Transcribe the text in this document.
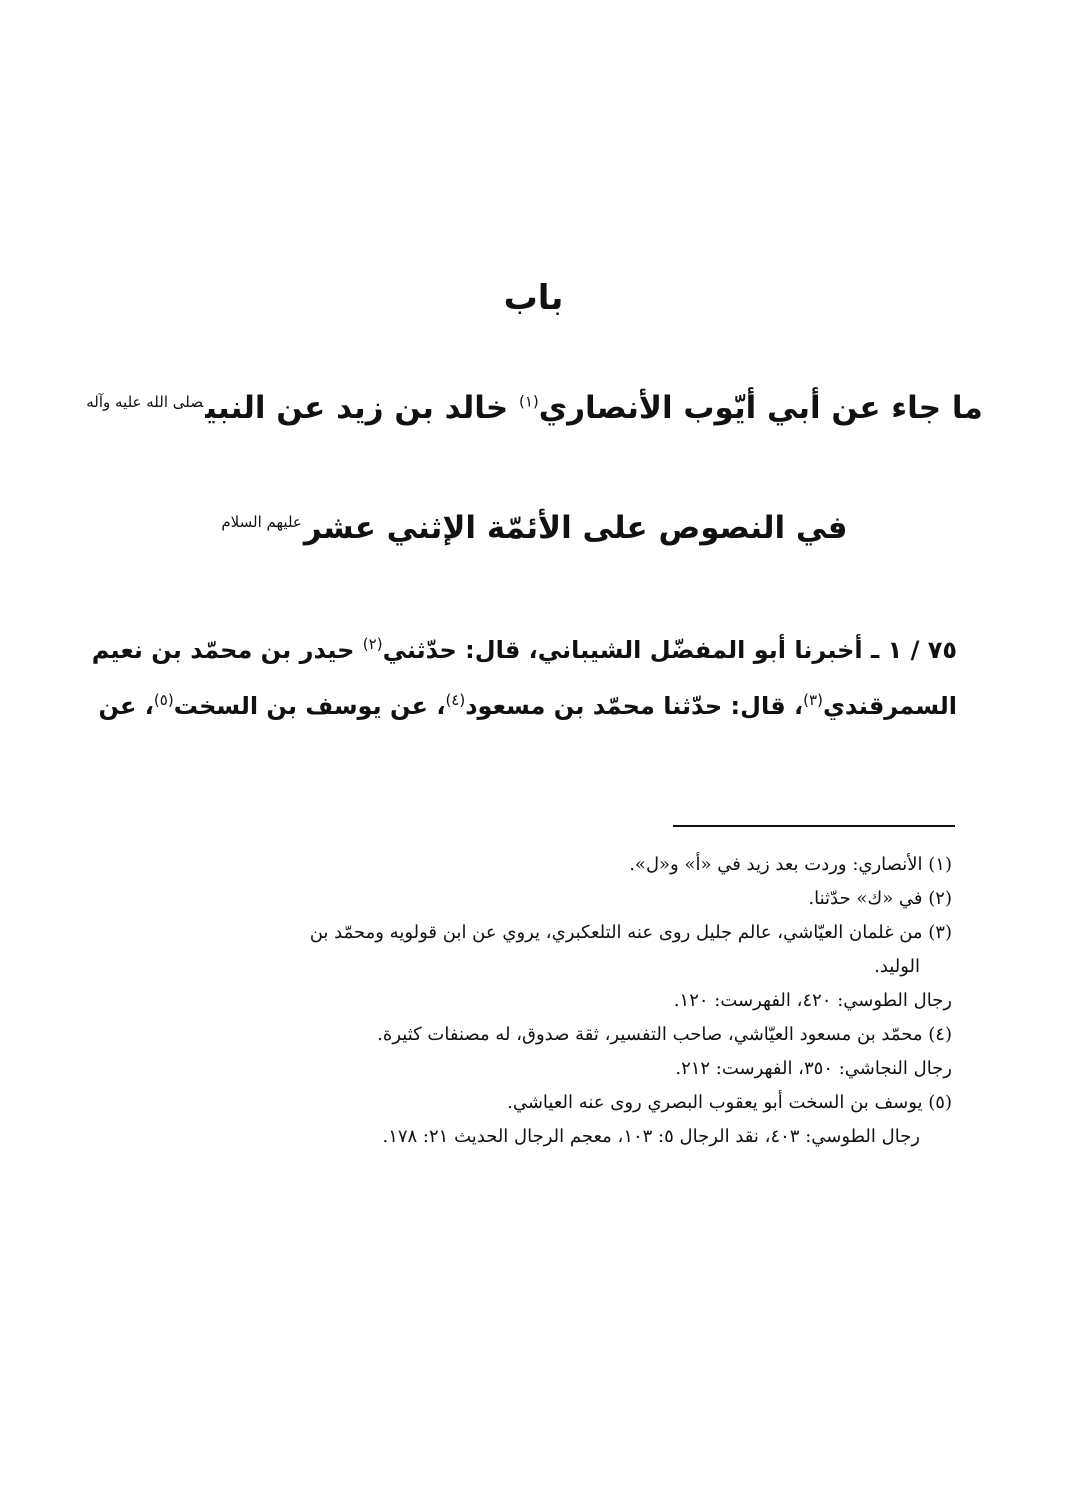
باب
ما جاء عن أبي أيّوب الأنصاري$^{(١)}$ خالد بن زيد عن النبي$^{صلى الله عليه وآله}$
في النصوص على الأئمّة الإثني عشر$^{عليهم السلام}$
٧٥ / ١ ـ أخبرنا أبو المفضّل الشيباني، قال: حدّثني$^{(٢)}$ حيدر بن محمّد بن نعيم
السمرقندي$^{(٣)}$، قال: حدّثنا محمّد بن مسعود$^{(٤)}$، عن يوسف بن السخت$^{(٥)}$، عن
(١) الأنصاري: وردت بعد زيد في «أ» و«ل».
(٢) في «ك» حدّثنا.
(٣) من غلمان العيّاشي، عالم جليل روى عنه التلعكبري، يروي عن ابن قولويه ومحمّد بن
الوليد.
رجال الطوسي: ٤٢٠، الفهرست: ١٢٠.
(٤) محمّد بن مسعود العيّاشي، صاحب التفسير، ثقة صدوق، له مصنفات كثيرة.
رجال النجاشي: ٣٥٠، الفهرست: ٢١٢.
(٥) يوسف بن السخت أبو يعقوب البصري روى عنه العياشي.
رجال الطوسي: ٤٠٣، نقد الرجال ٥: ١٠٣، معجم الرجال الحديث ٢١: ١٧٨.
